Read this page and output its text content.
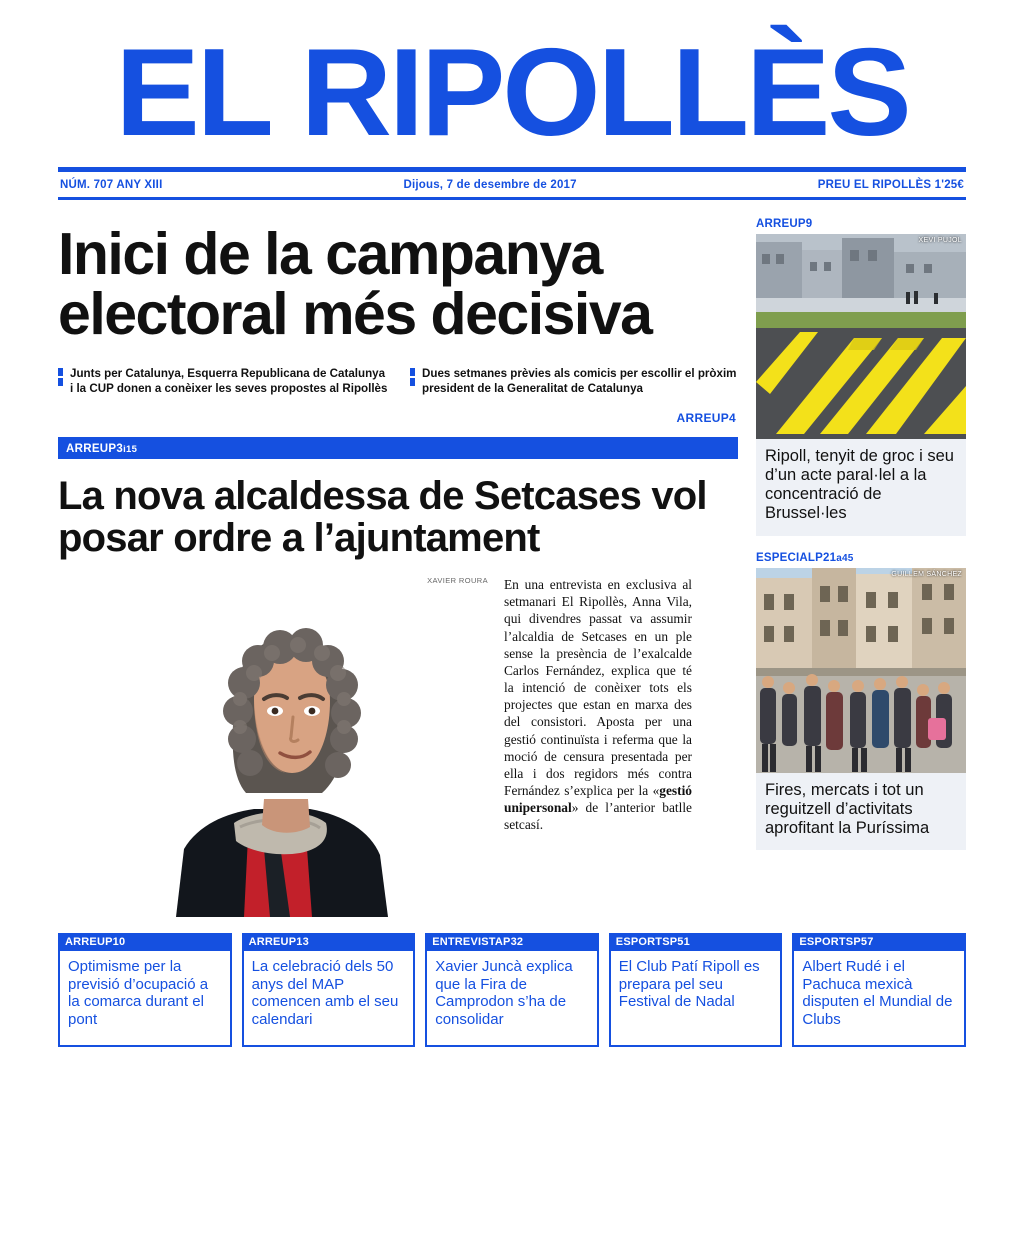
EL RIPOLLÈS
NÚM. 707 ANY XIII	Dijous, 7 de desembre de 2017	PREU EL RIPOLLÈS 1'25€
Inici de la campanya electoral més decisiva
Junts per Catalunya, Esquerra Republicana de Catalunya i la CUP donen a conèixer les seves propostes al Ripollès
Dues setmanes prèvies als comicis per escollir el pròxim president de la Generalitat de Catalunya
ARREUP4
ARREUP3i15
La nova alcaldessa de Setcases vol posar ordre a l’ajuntament
XAVIER ROURA En una entrevista en exclusiva al setmanari El Ripollès, Anna Vila, qui divendres passat va assumir l’alcaldia de Setcases en un ple sense la presència de l’exalcalde Carlos Fernández, explica que té la intenció de conèixer tots els projectes que estan en marxa des del consistori. Aposta per una gestió continuïsta i referma que la moció de censura presentada per ella i dos regidors més contra Fernández s’explica per la «gestió unipersonal» de l’anterior batlle setcasí.
ARREUP9
XEVI PUJOL
Ripoll, tenyit de groc i seu d’un acte paral·lel a la concentració de Brussel·les
ESPECIALP21a45
GUILLEM SÁNCHEZ
Fires, mercats i tot un reguitzell d’activitats aprofitant la Puríssima
ARREUP10
Optimisme per la previsió d’ocupació a la comarca durant el pont
ARREUP13
La celebració dels 50 anys del MAP comencen amb el seu calendari
ENTREVISTAP32
Xavier Juncà explica que la Fira de Camprodon s’ha de consolidar
ESPORTSP51
El Club Patí Ripoll es prepara pel seu Festival de Nadal
ESPORTSP57
Albert Rudé i el Pachuca mexicà disputen el Mundial de Clubs
